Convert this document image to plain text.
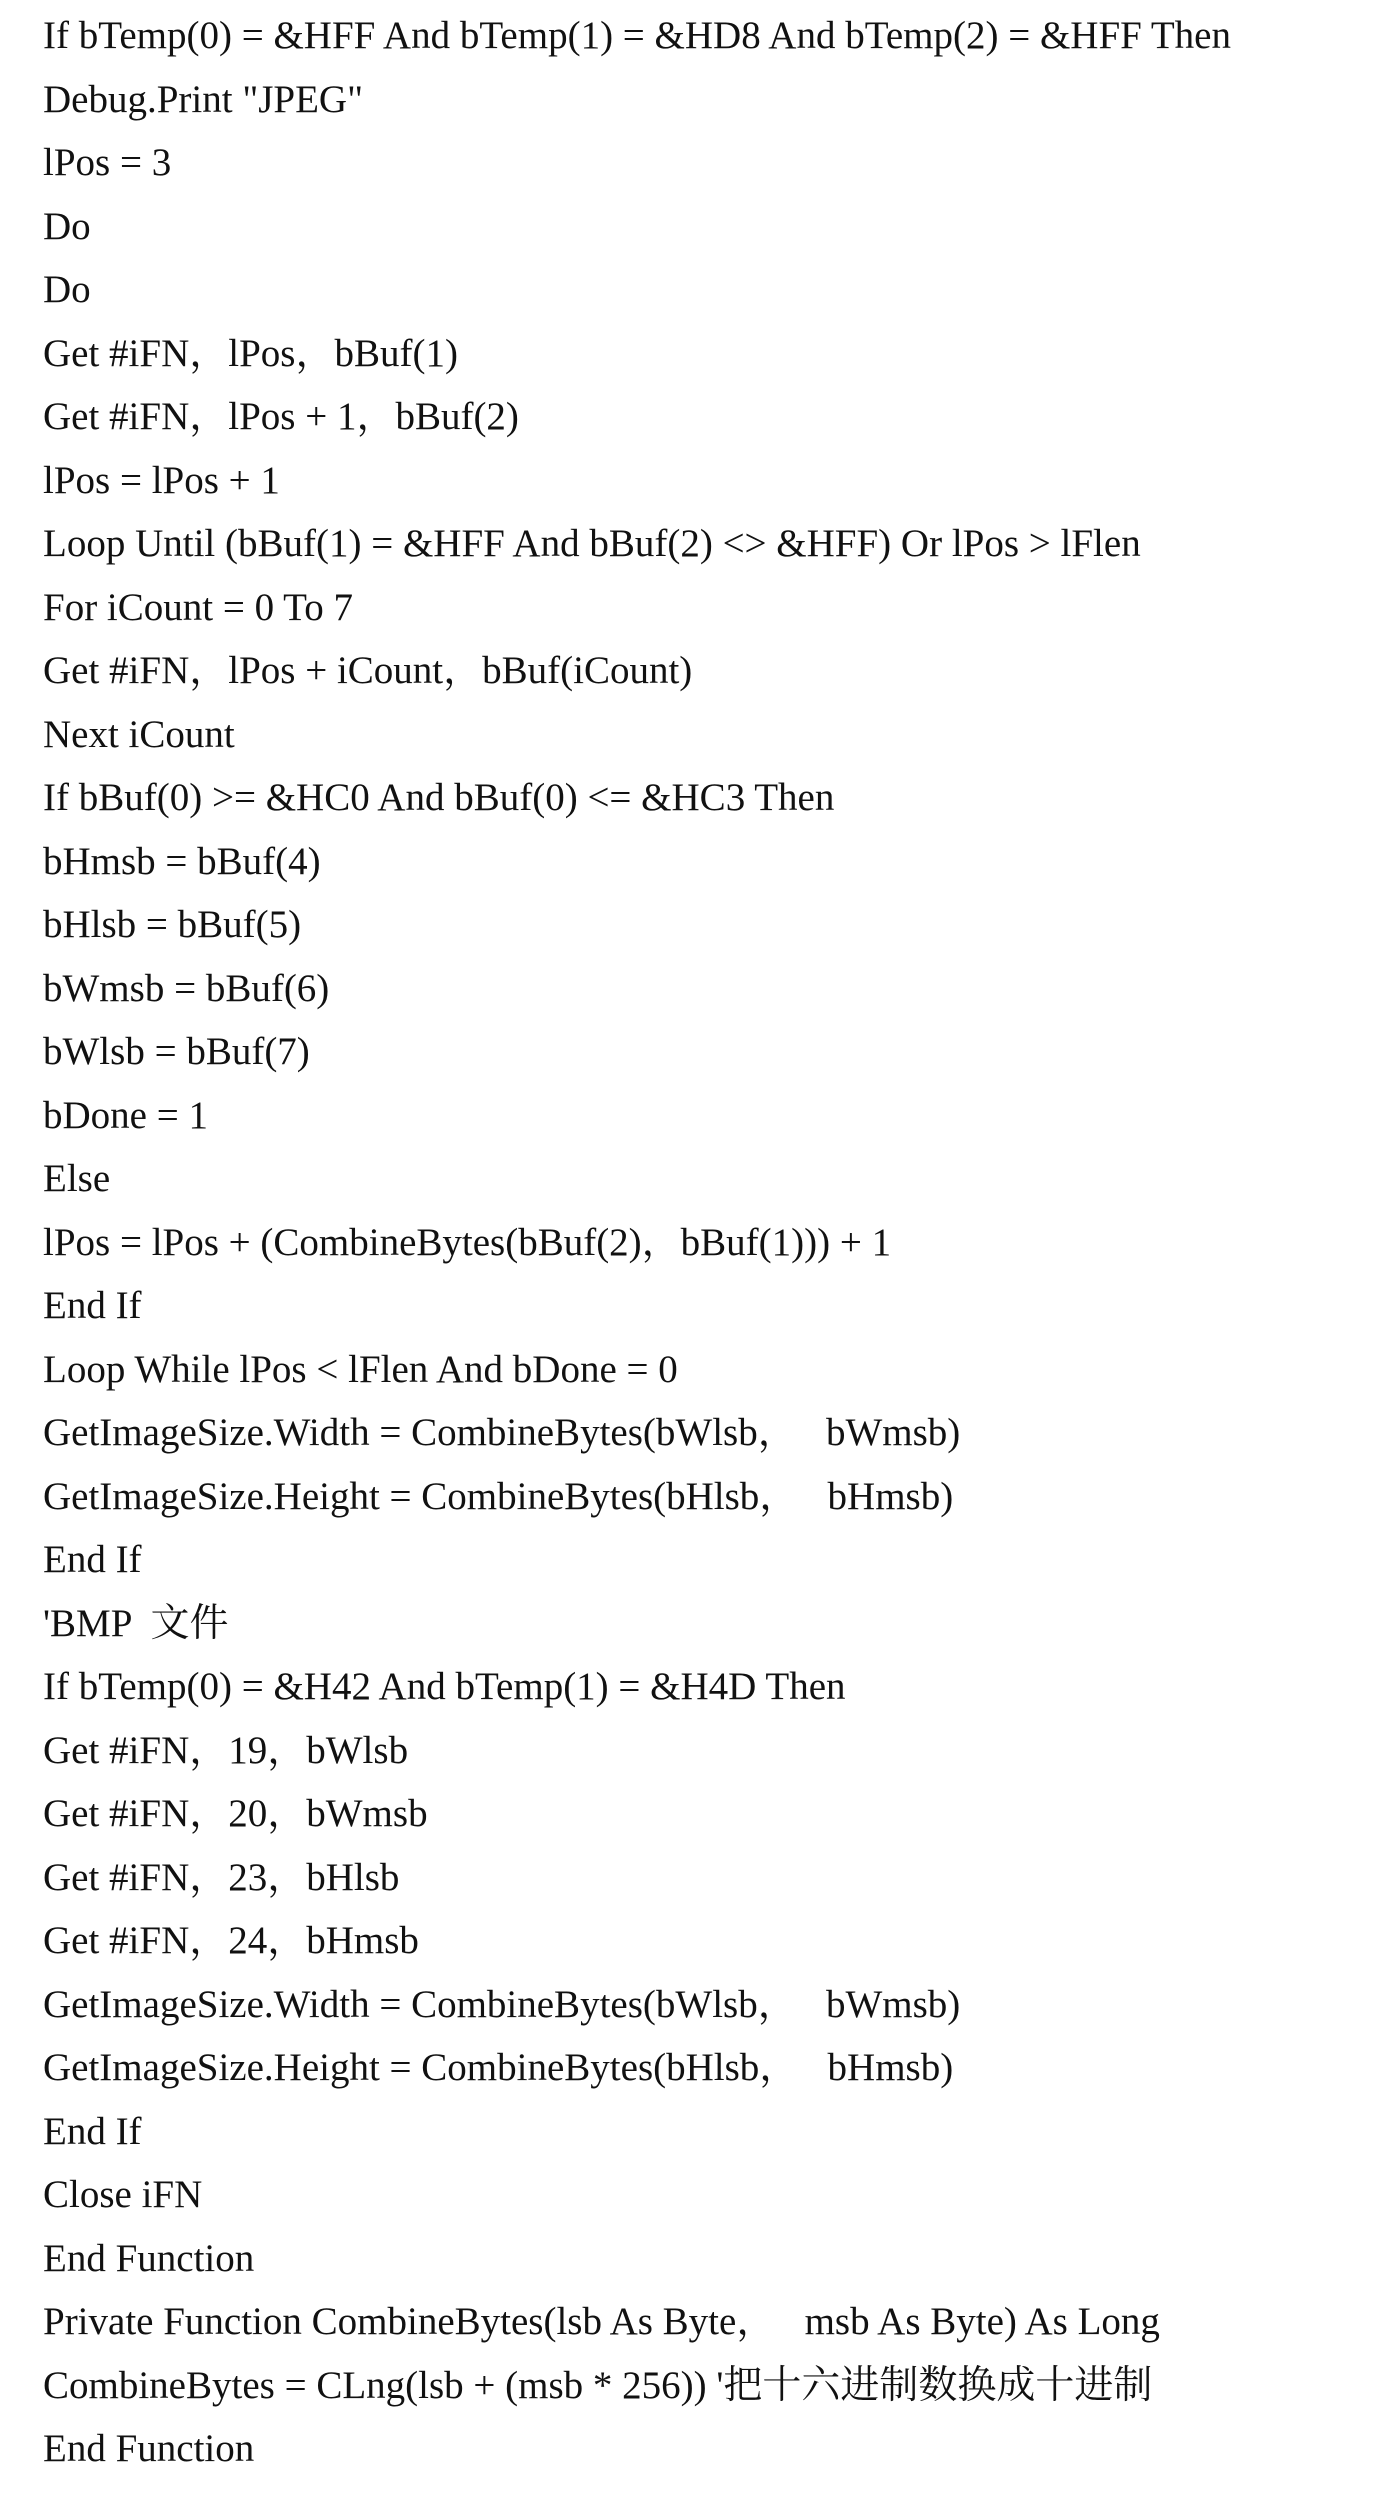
If bTemp(0) = &HFF And bTemp(1) = &HD8 And bTemp(2) = &HFF Then
Debug.Print "JPEG"
lPos = 3
Do
Do
Get #iFN，lPos，bBuf(1)
Get #iFN，lPos + 1，bBuf(2)
lPos = lPos + 1
Loop Until (bBuf(1) = &HFF And bBuf(2) <> &HFF) Or lPos > lFlen
For iCount = 0 To 7
Get #iFN，lPos + iCount，bBuf(iCount)
Next iCount
If bBuf(0) >= &HC0 And bBuf(0) <= &HC3 Then
bHmsb = bBuf(4)
bHlsb = bBuf(5)
bWmsb = bBuf(6)
bWlsb = bBuf(7)
bDone = 1
Else
lPos = lPos + (CombineBytes(bBuf(2)，bBuf(1))) + 1
End If
Loop While lPos < lFlen And bDone = 0
GetImageSize.Width = CombineBytes(bWlsb，   bWmsb)
GetImageSize.Height = CombineBytes(bHlsb，   bHmsb)
End If
'BMP  文件
If bTemp(0) = &H42 And bTemp(1) = &H4D Then
Get #iFN，19，bWlsb
Get #iFN，20，bWmsb
Get #iFN，23，bHlsb
Get #iFN，24，bHmsb
GetImageSize.Width = CombineBytes(bWlsb，   bWmsb)
GetImageSize.Height = CombineBytes(bHlsb，   bHmsb)
End If
Close iFN
End Function
Private Function CombineBytes(lsb As Byte，   msb As Byte) As Long
CombineBytes = CLng(lsb + (msb * 256)) '把十六进制数换成十进制
End Function
